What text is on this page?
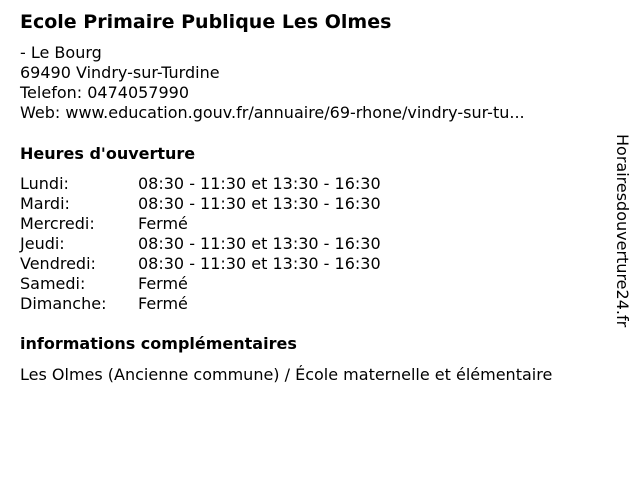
Ecole Primaire Publique Les Olmes
- Le Bourg
69490 Vindry-sur-Turdine
Telefon: 0474057990
Web: www.education.gouv.fr/annuaire/69-rhone/vindry-sur-tu...
Heures d'ouverture
Lundi:	08:30 - 11:30 et 13:30 - 16:30
Mardi:	08:30 - 11:30 et 13:30 - 16:30
Mercredi:	Fermé
Jeudi:	08:30 - 11:30 et 13:30 - 16:30
Vendredi:	08:30 - 11:30 et 13:30 - 16:30
Samedi:	Fermé
Dimanche:	Fermé
informations complémentaires
Les Olmes (Ancienne commune) / École maternelle et élémentaire
Horairesdouverture24.fr
